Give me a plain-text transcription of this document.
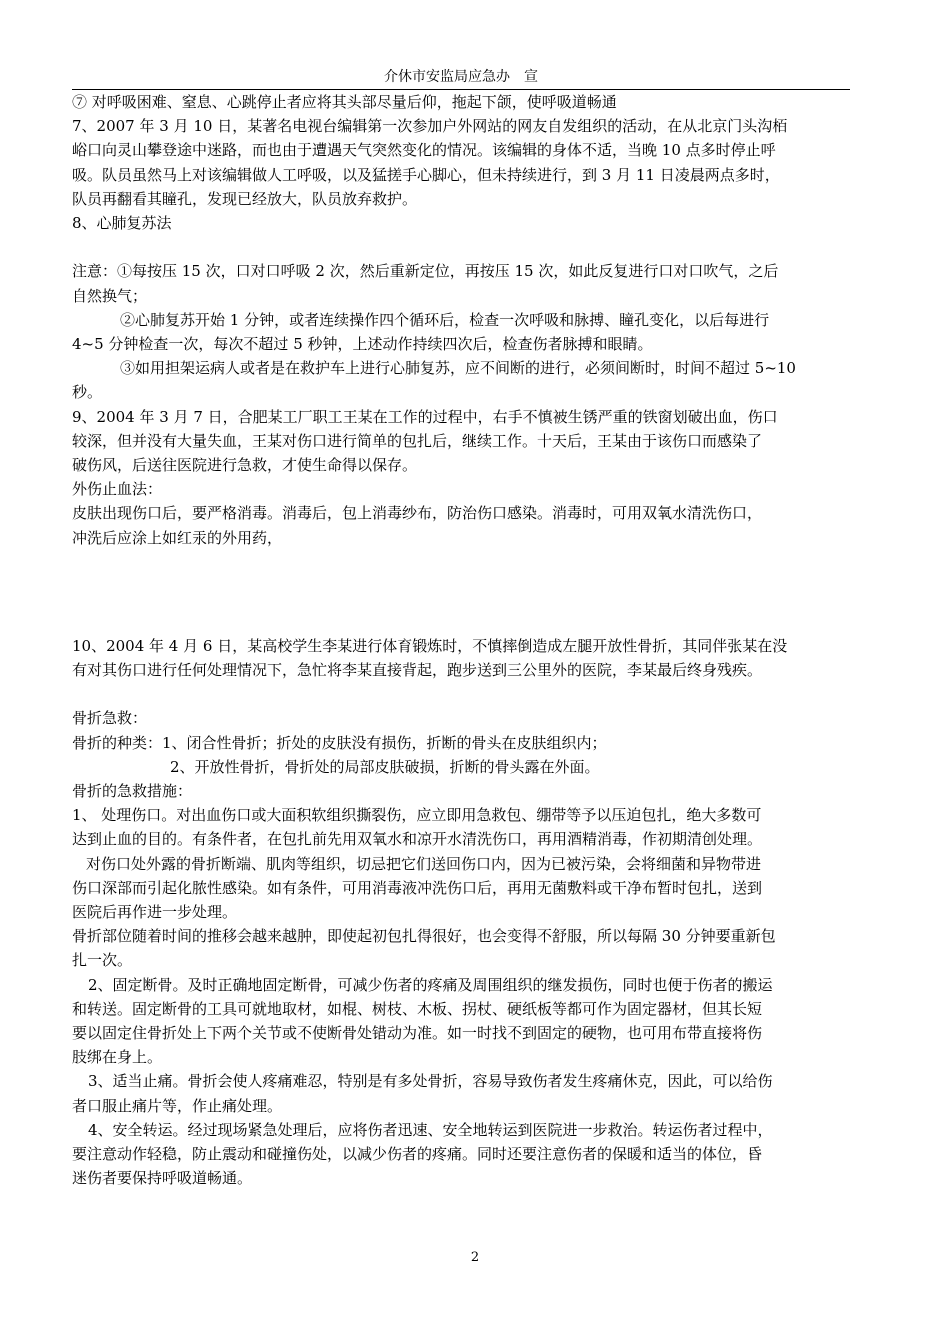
介休市安监局应急办　宣

⑦ 对呼吸困难、窒息、心跳停止者应将其头部尽量后仰，拖起下颌，使呼吸道畅通

7、2007 年 3 月 10 日，某著名电视台编辑第一次参加户外网站的网友自发组织的活动，在从北京门头沟栢

峪口向灵山攀登途中迷路，而也由于遭遇天气突然变化的情况。该编辑的身体不适，当晚 10 点多时停止呼

吸。队员虽然马上对该编辑做人工呼吸，以及猛搓手心脚心，但未持续进行，到 3 月 11 日凌晨两点多时，

队员再翻看其瞳孔，发现已经放大，队员放弃救护。

8、心肺复苏法

注意：①每按压 15 次，口对口呼吸 2 次，然后重新定位，再按压 15 次，如此反复进行口对口吹气，之后

自然换气；

②心肺复苏开始 1 分钟，或者连续操作四个循环后，检查一次呼吸和脉搏、瞳孔变化，以后每进行

4~5 分钟检查一次，每次不超过 5 秒钟，上述动作持续四次后，检查伤者脉搏和眼睛。

③如用担架运病人或者是在救护车上进行心肺复苏，应不间断的进行，必须间断时，时间不超过 5~10

秒。

9、2004 年 3 月 7 日，合肥某工厂职工王某在工作的过程中，右手不慎被生锈严重的铁窗划破出血，伤口

较深，但并没有大量失血，王某对伤口进行简单的包扎后，继续工作。十天后，王某由于该伤口而感染了

破伤风，后送往医院进行急救，才使生命得以保存。

外伤止血法：

皮肤出现伤口后，要严格消毒。消毒后，包上消毒纱布，防治伤口感染。消毒时，可用双氧水清洗伤口，

冲洗后应涂上如红汞的外用药，

10、2004 年 4 月 6 日，某高校学生李某进行体育锻炼时，不慎摔倒造成左腿开放性骨折，其同伴张某在没

有对其伤口进行任何处理情况下，急忙将李某直接背起，跑步送到三公里外的医院，李某最后终身残疾。

骨折急救：

骨折的种类：1、闭合性骨折；折处的皮肤没有损伤，折断的骨头在皮肤组织内；

2、开放性骨折，骨折处的局部皮肤破损，折断的骨头露在外面。

骨折的急救措施：

1、 处理伤口。对出血伤口或大面积软组织撕裂伤，应立即用急救包、绷带等予以压迫包扎，绝大多数可

达到止血的目的。有条件者，在包扎前先用双氧水和凉开水清洗伤口，再用酒精消毒，作初期清创处理。

对伤口处外露的骨折断端、肌肉等组织，切忌把它们送回伤口内，因为已被污染，会将细菌和异物带进

伤口深部而引起化脓性感染。如有条件，可用消毒液冲洗伤口后，再用无菌敷料或干净布暂时包扎，送到

医院后再作进一步处理。

骨折部位随着时间的推移会越来越肿，即使起初包扎得很好，也会变得不舒服，所以每隔 30 分钟要重新包

扎一次。

2、固定断骨。及时正确地固定断骨，可减少伤者的疼痛及周围组织的继发损伤，同时也便于伤者的搬运

和转送。固定断骨的工具可就地取材，如棍、树枝、木板、拐杖、硬纸板等都可作为固定器材，但其长短

要以固定住骨折处上下两个关节或不使断骨处错动为准。如一时找不到固定的硬物，也可用布带直接将伤

肢绑在身上。

3、适当止痛。骨折会使人疼痛难忍，特别是有多处骨折，容易导致伤者发生疼痛休克，因此，可以给伤

者口服止痛片等，作止痛处理。

4、安全转运。经过现场紧急处理后，应将伤者迅速、安全地转运到医院进一步救治。转运伤者过程中，

要注意动作轻稳，防止震动和碰撞伤处，以减少伤者的疼痛。同时还要注意伤者的保暖和适当的体位，昏

迷伤者要保持呼吸道畅通。

2
